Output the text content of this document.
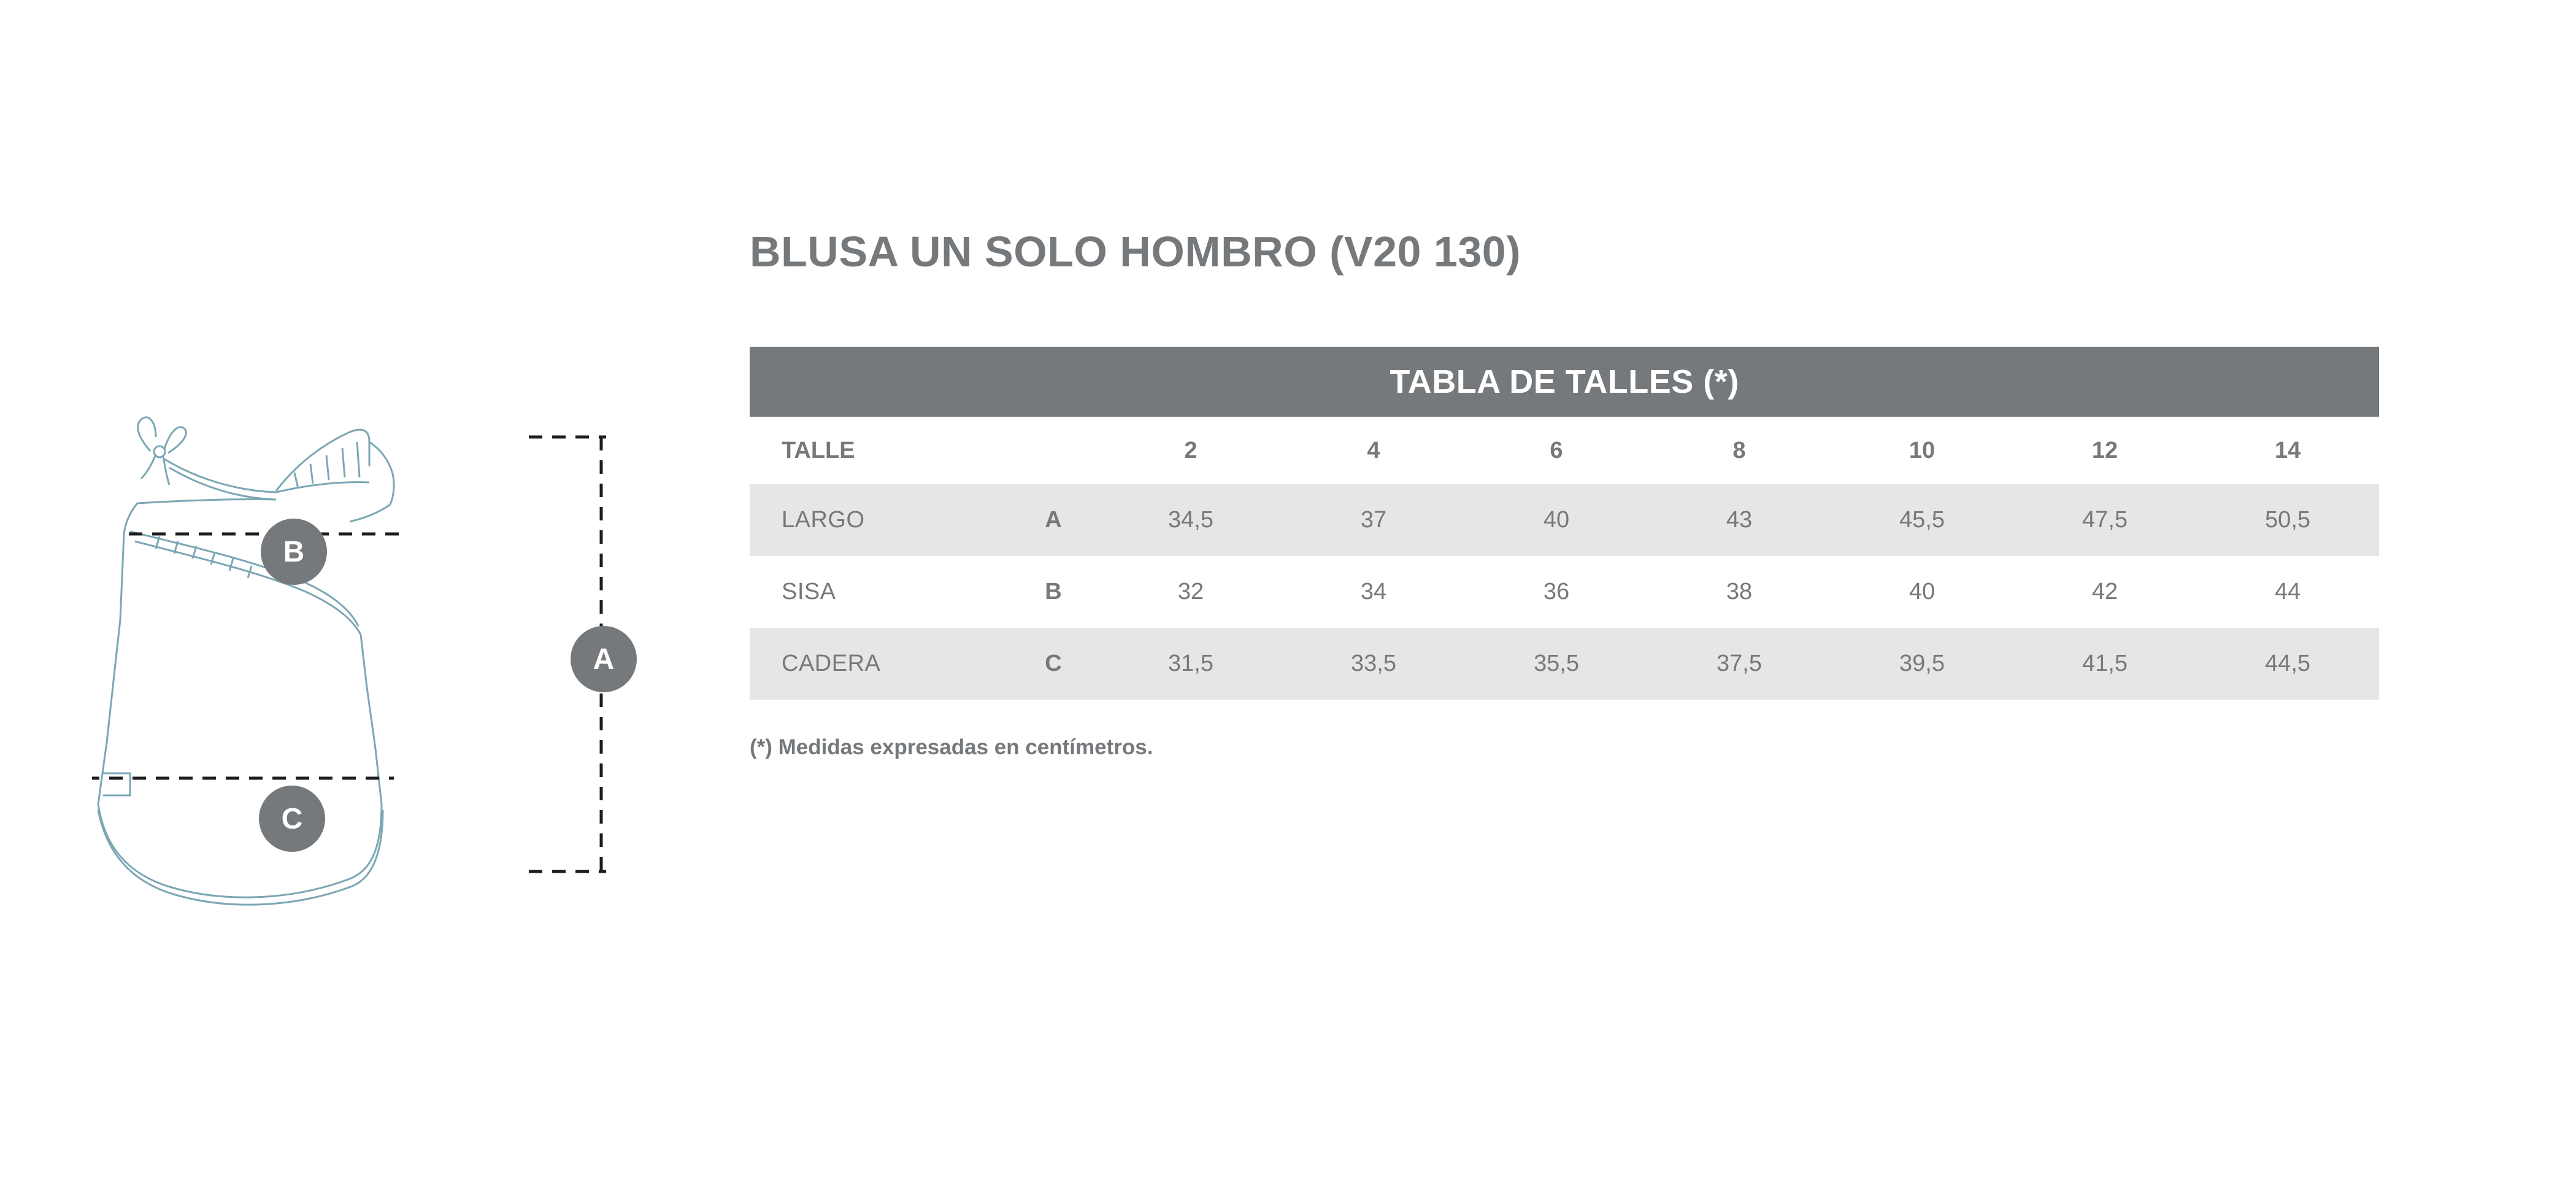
A
B
C
BLUSA UN SOLO HOMBRO (V20 130)
TABLA DE TALLES (*)								
TALLE		2	4	6	8	10	12	14
LARGO	A	34,5	37	40	43	45,5	47,5	50,5
SISA	B	32	34	36	38	40	42	44
CADERA	C	31,5	33,5	35,5	37,5	39,5	41,5	44,5
(*) Medidas expresadas en centímetros.
